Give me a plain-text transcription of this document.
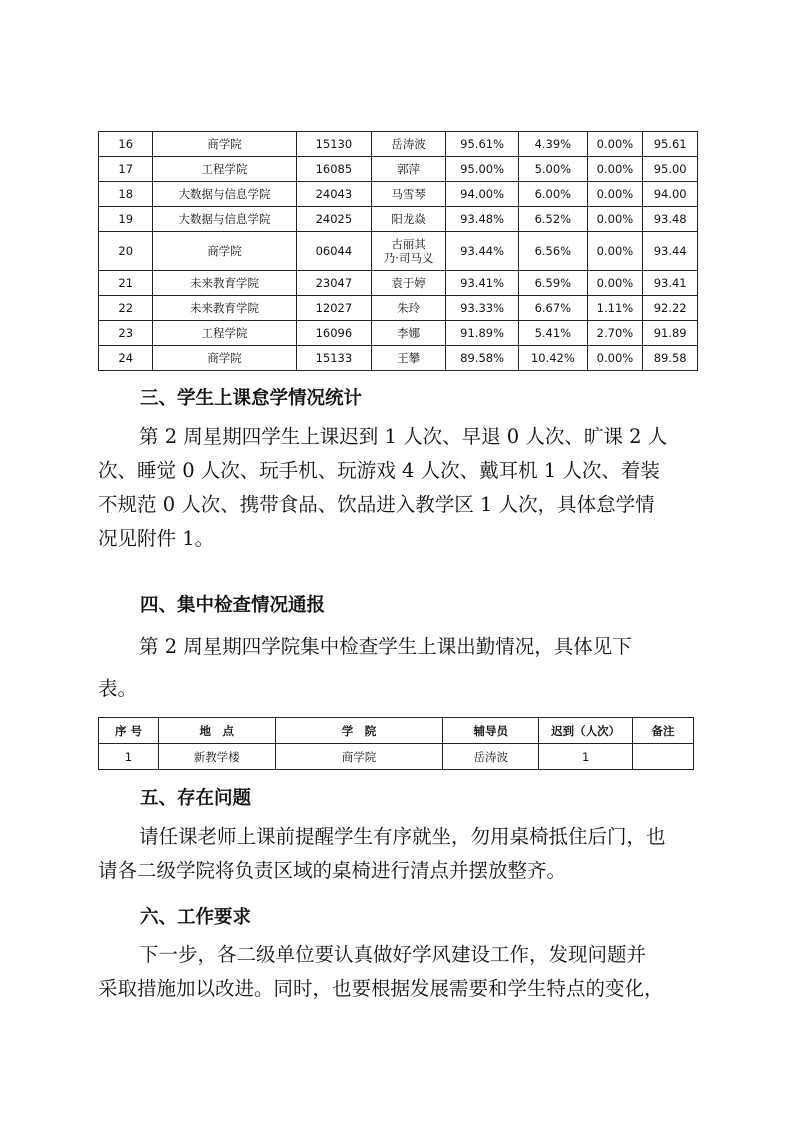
16	商学院	15130	岳涛波	95.61%	4.39%	0.00%	95.61
17	工程学院	16085	郭萍	95.00%	5.00%	0.00%	95.00
18	大数据与信息学院	24043	马雪琴	94.00%	6.00%	0.00%	94.00
19	大数据与信息学院	24025	阳龙焱	93.48%	6.52%	0.00%	93.48
20	商学院	06044	古丽其
乃·司马义	93.44%	6.56%	0.00%	93.44
21	未来教育学院	23047	袁于婷	93.41%	6.59%	0.00%	93.41
22	未来教育学院	12027	朱玲	93.33%	6.67%	1.11%	92.22
23	工程学院	16096	李娜	91.89%	5.41%	2.70%	91.89
24	商学院	15133	王攀	89.58%	10.42%	0.00%	89.58
三、学生上课怠学情况统计
第 2 周星期四学生上课迟到 1 人次、早退 0 人次、旷课 2 人
次、睡觉 0 人次、玩手机、玩游戏 4 人次、戴耳机 1 人次、着装
不规范 0 人次、携带食品、饮品进入教学区 1 人次，具体怠学情
况见附件 1。
四、集中检查情况通报
第 2 周星期四学院集中检查学生上课出勤情况，具体见下
表。
序 号	地　点	学　院	辅导员	迟到（人次）	备注
1	新教学楼	商学院	岳涛波	1	
五、存在问题
请任课老师上课前提醒学生有序就坐，勿用桌椅抵住后门，也
请各二级学院将负责区域的桌椅进行清点并摆放整齐。
六、工作要求
下一步，各二级单位要认真做好学风建设工作，发现问题并
采取措施加以改进。同时，也要根据发展需要和学生特点的变化，
